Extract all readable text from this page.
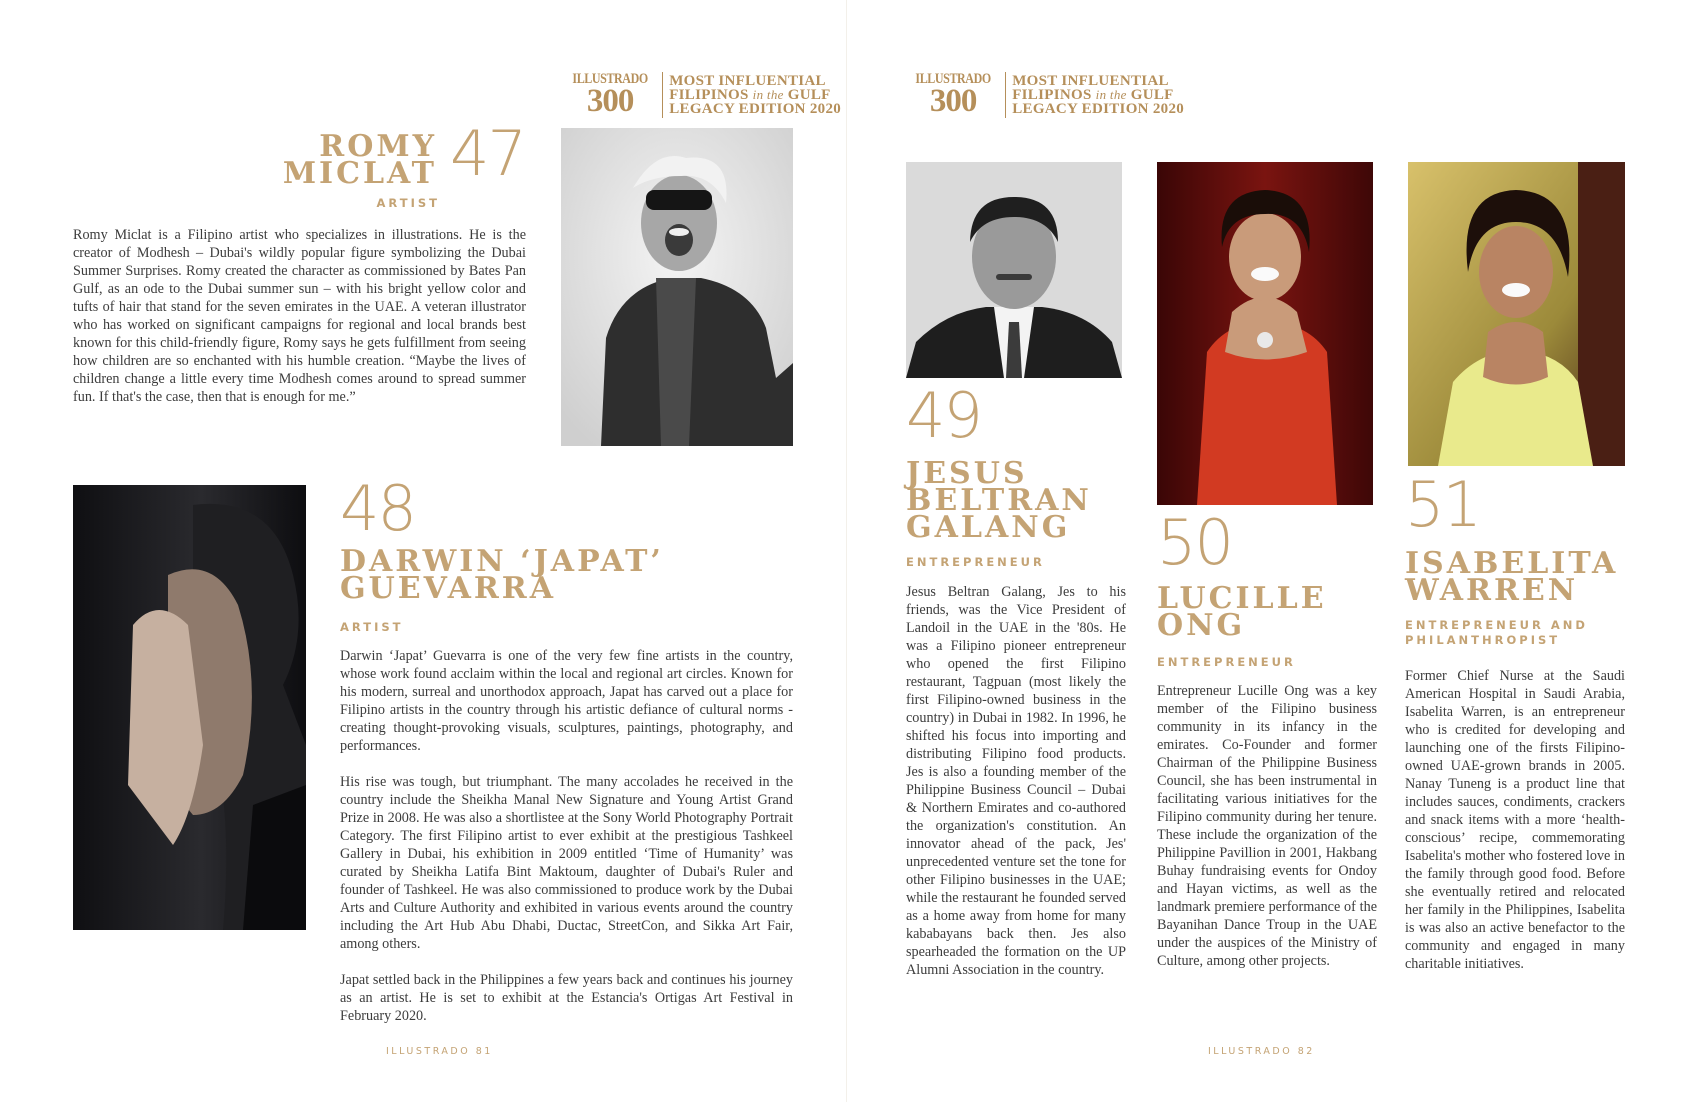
ILLUSTRADO
300
MOST INFLUENTIAL
FILIPINOS in the GULF
LEGACY EDITION 2020
ILLUSTRADO
300
MOST INFLUENTIAL
FILIPINOS in the GULF
LEGACY EDITION 2020
ROMY
MICLAT
ARTIST
47
Romy Miclat is a Filipino artist who specializes in illustrations. He is the creator of Modhesh – Dubai's wildly popular figure symbolizing the Dubai Summer Surprises. Romy created the character as commissioned by Bates Pan Gulf, as an ode to the Dubai summer sun – with his bright yellow color and tufts of hair that stand for the seven emirates in the UAE. A veteran illustrator who has worked on significant campaigns for regional and local brands best known for this child-friendly figure, Romy says he gets fulfillment from seeing how children are so enchanted with his humble creation. “Maybe the lives of children change a little every time Modhesh comes around to spread summer fun. If that's the case, then that is enough for me.”
48
DARWIN ‘JAPAT’
GUEVARRA
ARTIST

Darwin ‘Japat’ Guevarra is one of the very few fine artists in the country, whose work found acclaim within the local and regional art circles. Known for his modern, surreal and unorthodox approach, Japat has carved out a place for Filipino artists in the country through his artistic defiance of cultural norms - creating thought-provoking visuals, sculptures, paintings, photography, and performances.

His rise was tough, but triumphant. The many accolades he received in the country include the Sheikha Manal New Signature and Young Artist Grand Prize in 2008. He was also a shortlistee at the Sony World Photography Portrait Category. The first Filipino artist to ever exhibit at the prestigious Tashkeel Gallery in Dubai, his exhibition in 2009 entitled ‘Time of Humanity’ was curated by Sheikha Latifa Bint Maktoum, daughter of Dubai's Ruler and founder of Tashkeel. He was also commissioned to produce work by the Dubai Arts and Culture Authority and exhibited in various events around the country including the Art Hub Abu Dhabi, Ductac, StreetCon, and Sikka Art Fair, among others.

Japat settled back in the Philippines a few years back and continues his journey as an artist. He is set to exhibit at the Estancia's Ortigas Art Festival in February 2020.

49
JESUS
BELTRAN
GALANG
ENTREPRENEUR
Jesus Beltran Galang, Jes to his friends, was the Vice President of Landoil in the UAE in the '80s. He was a Filipino pioneer entrepreneur who opened the first Filipino restaurant, Tagpuan (most likely the first Filipino-owned business in the country) in Dubai in 1982. In 1996, he shifted his focus into importing and distributing Filipino food products. Jes is also a founding member of the Philippine Business Council – Dubai & Northern Emirates and co-authored the organization's constitution. An innovator ahead of the pack, Jes' unprecedented venture set the tone for other Filipino businesses in the UAE; while the restaurant he founded served as a home away from home for many kababayans back then. Jes also spearheaded the formation on the UP Alumni Association in the country.
50
LUCILLE
ONG
ENTREPRENEUR
Entrepreneur Lucille Ong was a key member of the Filipino business community in its infancy in the emirates. Co-Founder and former Chairman of the Philippine Business Council, she has been instrumental in facilitating various initiatives for the Filipino community during her tenure. These include the organization of the Philippine Pavillion in 2001, Hakbang Buhay fundraising events for Ondoy and Hayan victims, as well as the landmark premiere performance of the Bayanihan Dance Troup in the UAE under the auspices of the Ministry of Culture, among other projects.
51
ISABELITA
WARREN
ENTREPRENEUR AND
PHILANTHROPIST
Former Chief Nurse at the Saudi American Hospital in Saudi Arabia, Isabelita Warren, is an entrepreneur who is credited for developing and launching one of the firsts Filipino-owned UAE-grown brands in 2005. Nanay Tuneng is a product line that includes sauces, condiments, crackers and snack items with a more ‘health-conscious’ recipe, commemorating Isabelita's mother who fostered love in the family through good food. Before she eventually retired and relocated her family in the Philippines, Isabelita is was also an active benefactor to the community and engaged in many charitable initiatives.
ILLUSTRADO 81	ILLUSTRADO 82
